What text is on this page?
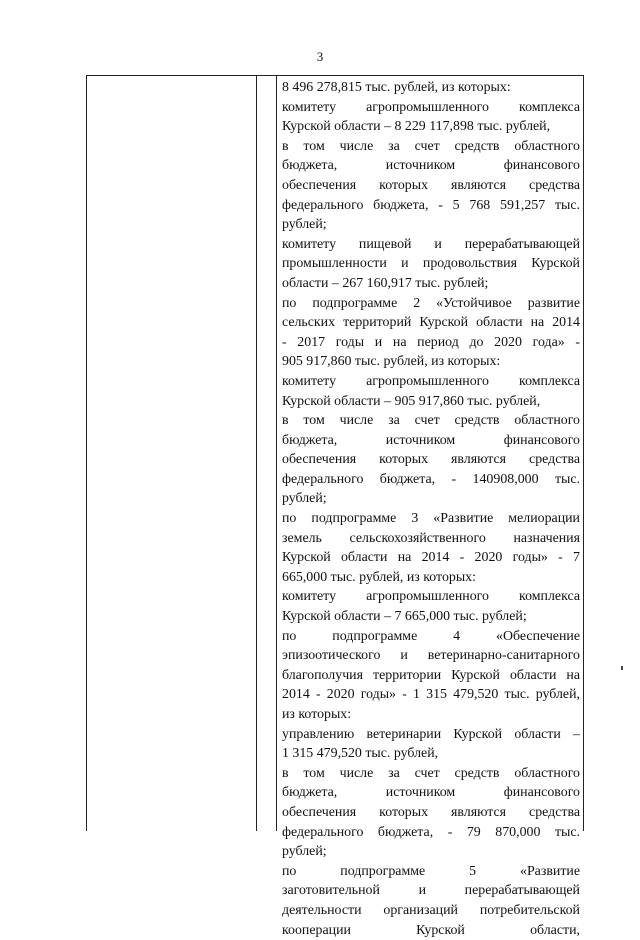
3
8 496 278,815 тыс. рублей, из которых:
комитету агропромышленного комплекса
Курской области – 8 229 117,898 тыс. рублей,
в том числе за счет средств областного
бюджета, источником финансового
обеспечения которых являются средства
федерального бюджета, - 5 768 591,257 тыс.
рублей;
комитету пищевой и перерабатывающей
промышленности и продовольствия Курской
области – 267 160,917 тыс. рублей;
по подпрограмме 2 «Устойчивое развитие
сельских территорий Курской области на 2014
- 2017 годы и на период до 2020 года» -
905 917,860 тыс. рублей, из которых:
комитету агропромышленного комплекса
Курской области – 905 917,860 тыс. рублей,
в том числе за счет средств областного
бюджета, источником финансового
обеспечения которых являются средства
федерального бюджета, - 140908,000 тыс.
рублей;
по подпрограмме 3 «Развитие мелиорации
земель сельскохозяйственного назначения
Курской области на 2014 - 2020 годы» - 7
665,000 тыс. рублей, из которых:
комитету агропромышленного комплекса
Курской области – 7 665,000 тыс. рублей;
по подпрограмме 4 «Обеспечение
эпизоотического и ветеринарно-санитарного
благополучия территории Курской области на
2014 - 2020 годы» - 1 315 479,520 тыс. рублей,
из которых:
управлению ветеринарии Курской области –
1 315 479,520 тыс. рублей,
в том числе за счет средств областного
бюджета, источником финансового
обеспечения которых являются средства
федерального бюджета, - 79 870,000 тыс.
рублей;
по подпрограмме 5 «Развитие
заготовительной и перерабатывающей
деятельности организаций потребительской
кооперации Курской области,
